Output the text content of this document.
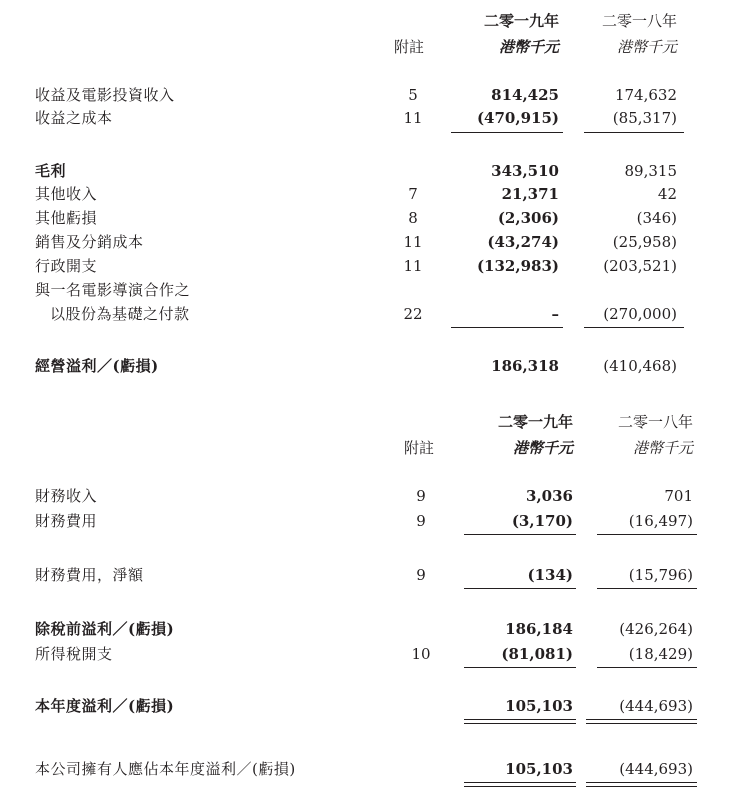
二零一九年	二零一八年
附註	港幣千元	港幣千元
收益及電影投資收入	5	814,425	174,632
收益之成本	11	(470,915)	(85,317)
毛利	343,510	89,315
其他收入	7	21,371	42
其他虧損	8	(2,306)	(346)
銷售及分銷成本	11	(43,274)	(25,958)
行政開支	11	(132,983)	(203,521)
與一名電影導演合作之
以股份為基礎之付款	22	–	(270,000)
經營溢利／(虧損)	186,318	(410,468)
二零一九年	二零一八年
附註	港幣千元	港幣千元
財務收入	9	3,036	701
財務費用	9	(3,170)	(16,497)
財務費用，淨額	9	(134)	(15,796)
除稅前溢利／(虧損)	186,184	(426,264)
所得稅開支	10	(81,081)	(18,429)
本年度溢利／(虧損)	105,103	(444,693)
本公司擁有人應佔本年度溢利／(虧損)	105,103	(444,693)
